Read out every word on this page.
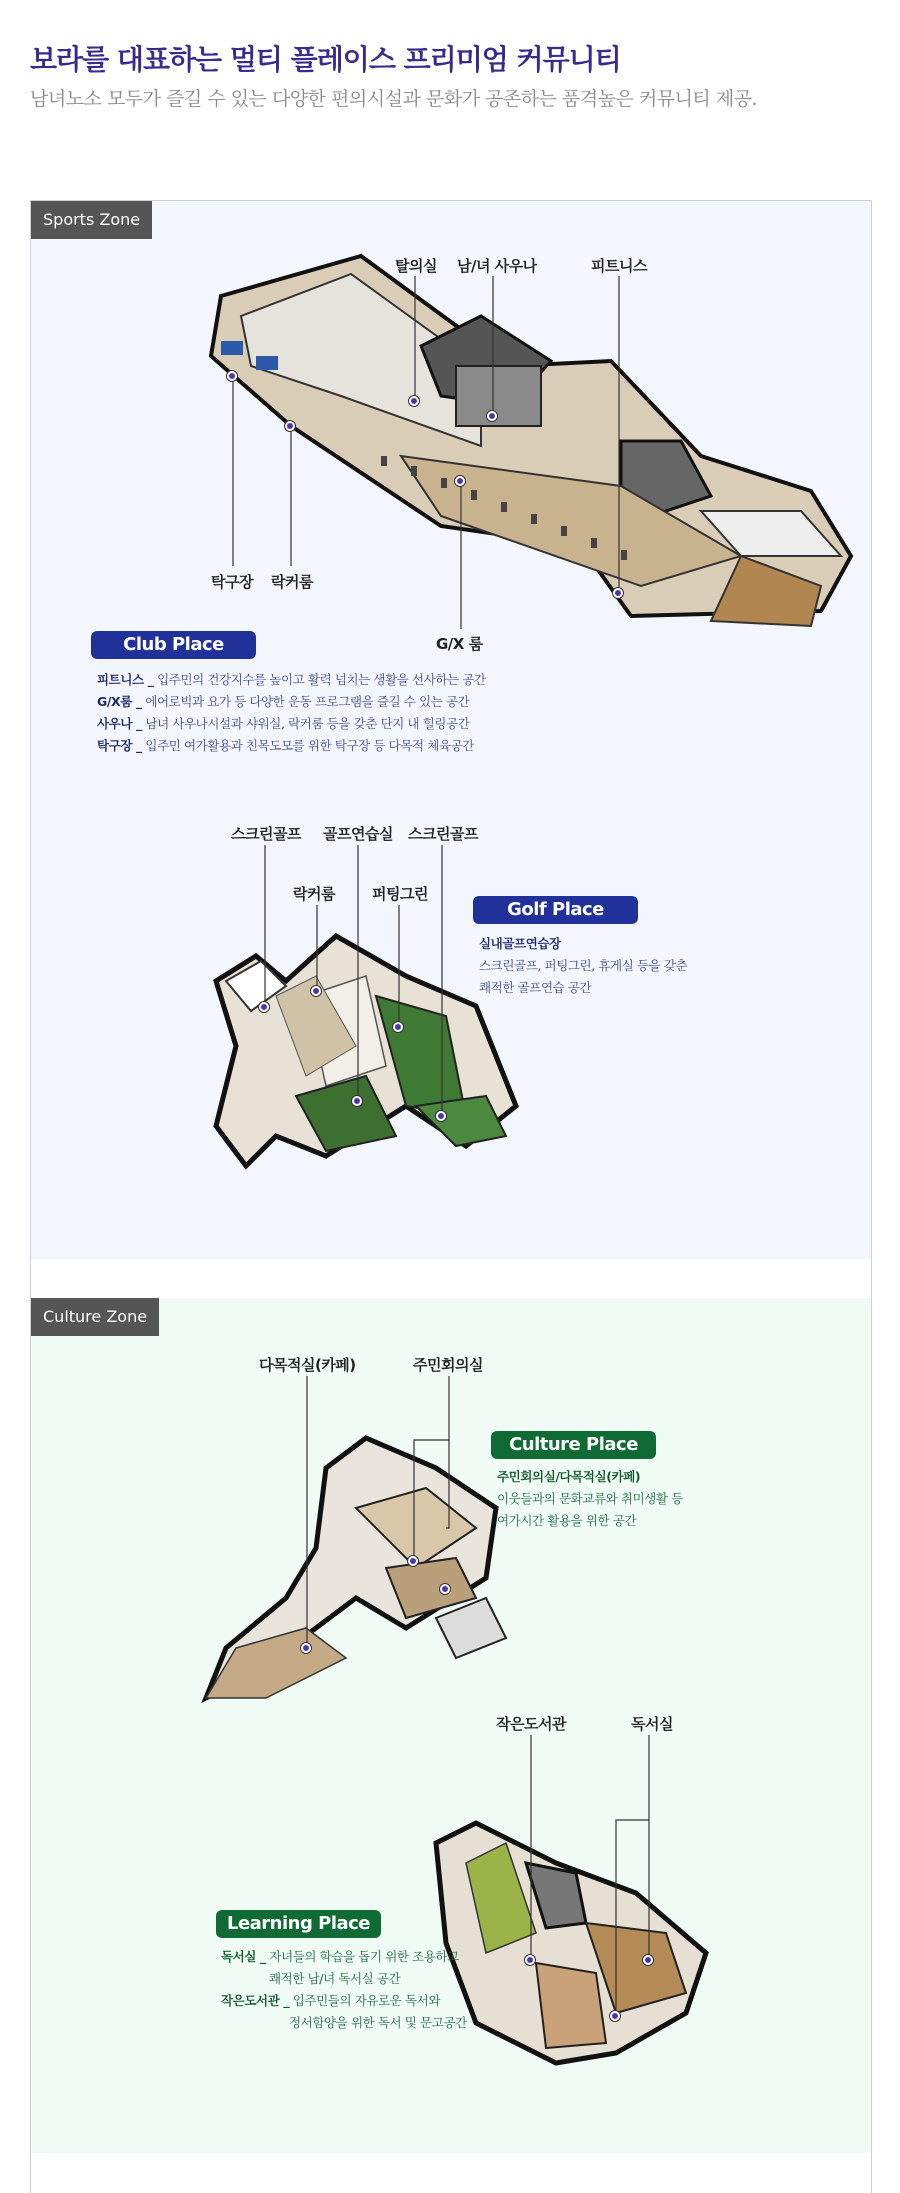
보라를 대표하는 멀티 플레이스 프리미엄 커뮤니티
남녀노소 모두가 즐길 수 있는 다양한 편의시설과 문화가 공존하는 품격높은 커뮤니티 제공.
Sports Zone
탈의실 남/녀 사우나	피트니스
탁구장 락커룸
G/X 룸
Club Place
피트니스 _ 입주민의 건강지수를 높이고 활력 넘치는 생활을 선사하는 공간
G/X룸 _ 에어로빅과 요가 등 다양한 운동 프로그램을 즐길 수 있는 공간
사우나 _ 남녀 사우나시설과 샤워실, 락커룸 등을 갖춘 단지 내 힐링공간
탁구장 _ 입주민 여가활용과 친목도모를 위한 탁구장 등 다목적 체육공간
스크린골프 골프연습실 스크린골프
락커룸 퍼팅그린
Golf Place
실내골프연습장
스크린골프, 퍼팅그린, 휴게실 등을 갖춘
쾌적한 골프연습 공간
Culture Zone
다목적실(카페)	주민회의실
Culture Place
주민회의실/다목적실(카페)
이웃들과의 문화교류와 취미생활 등
여가시간 활용을 위한 공간
작은도서관	독서실
Learning Place
독서실 _ 자녀들의 학습을 돕기 위한 조용하고
쾌적한 남/녀 독서실 공간
작은도서관 _ 입주민들의 자유로운 독서와
정서함양을 위한 독서 및 문고공간
